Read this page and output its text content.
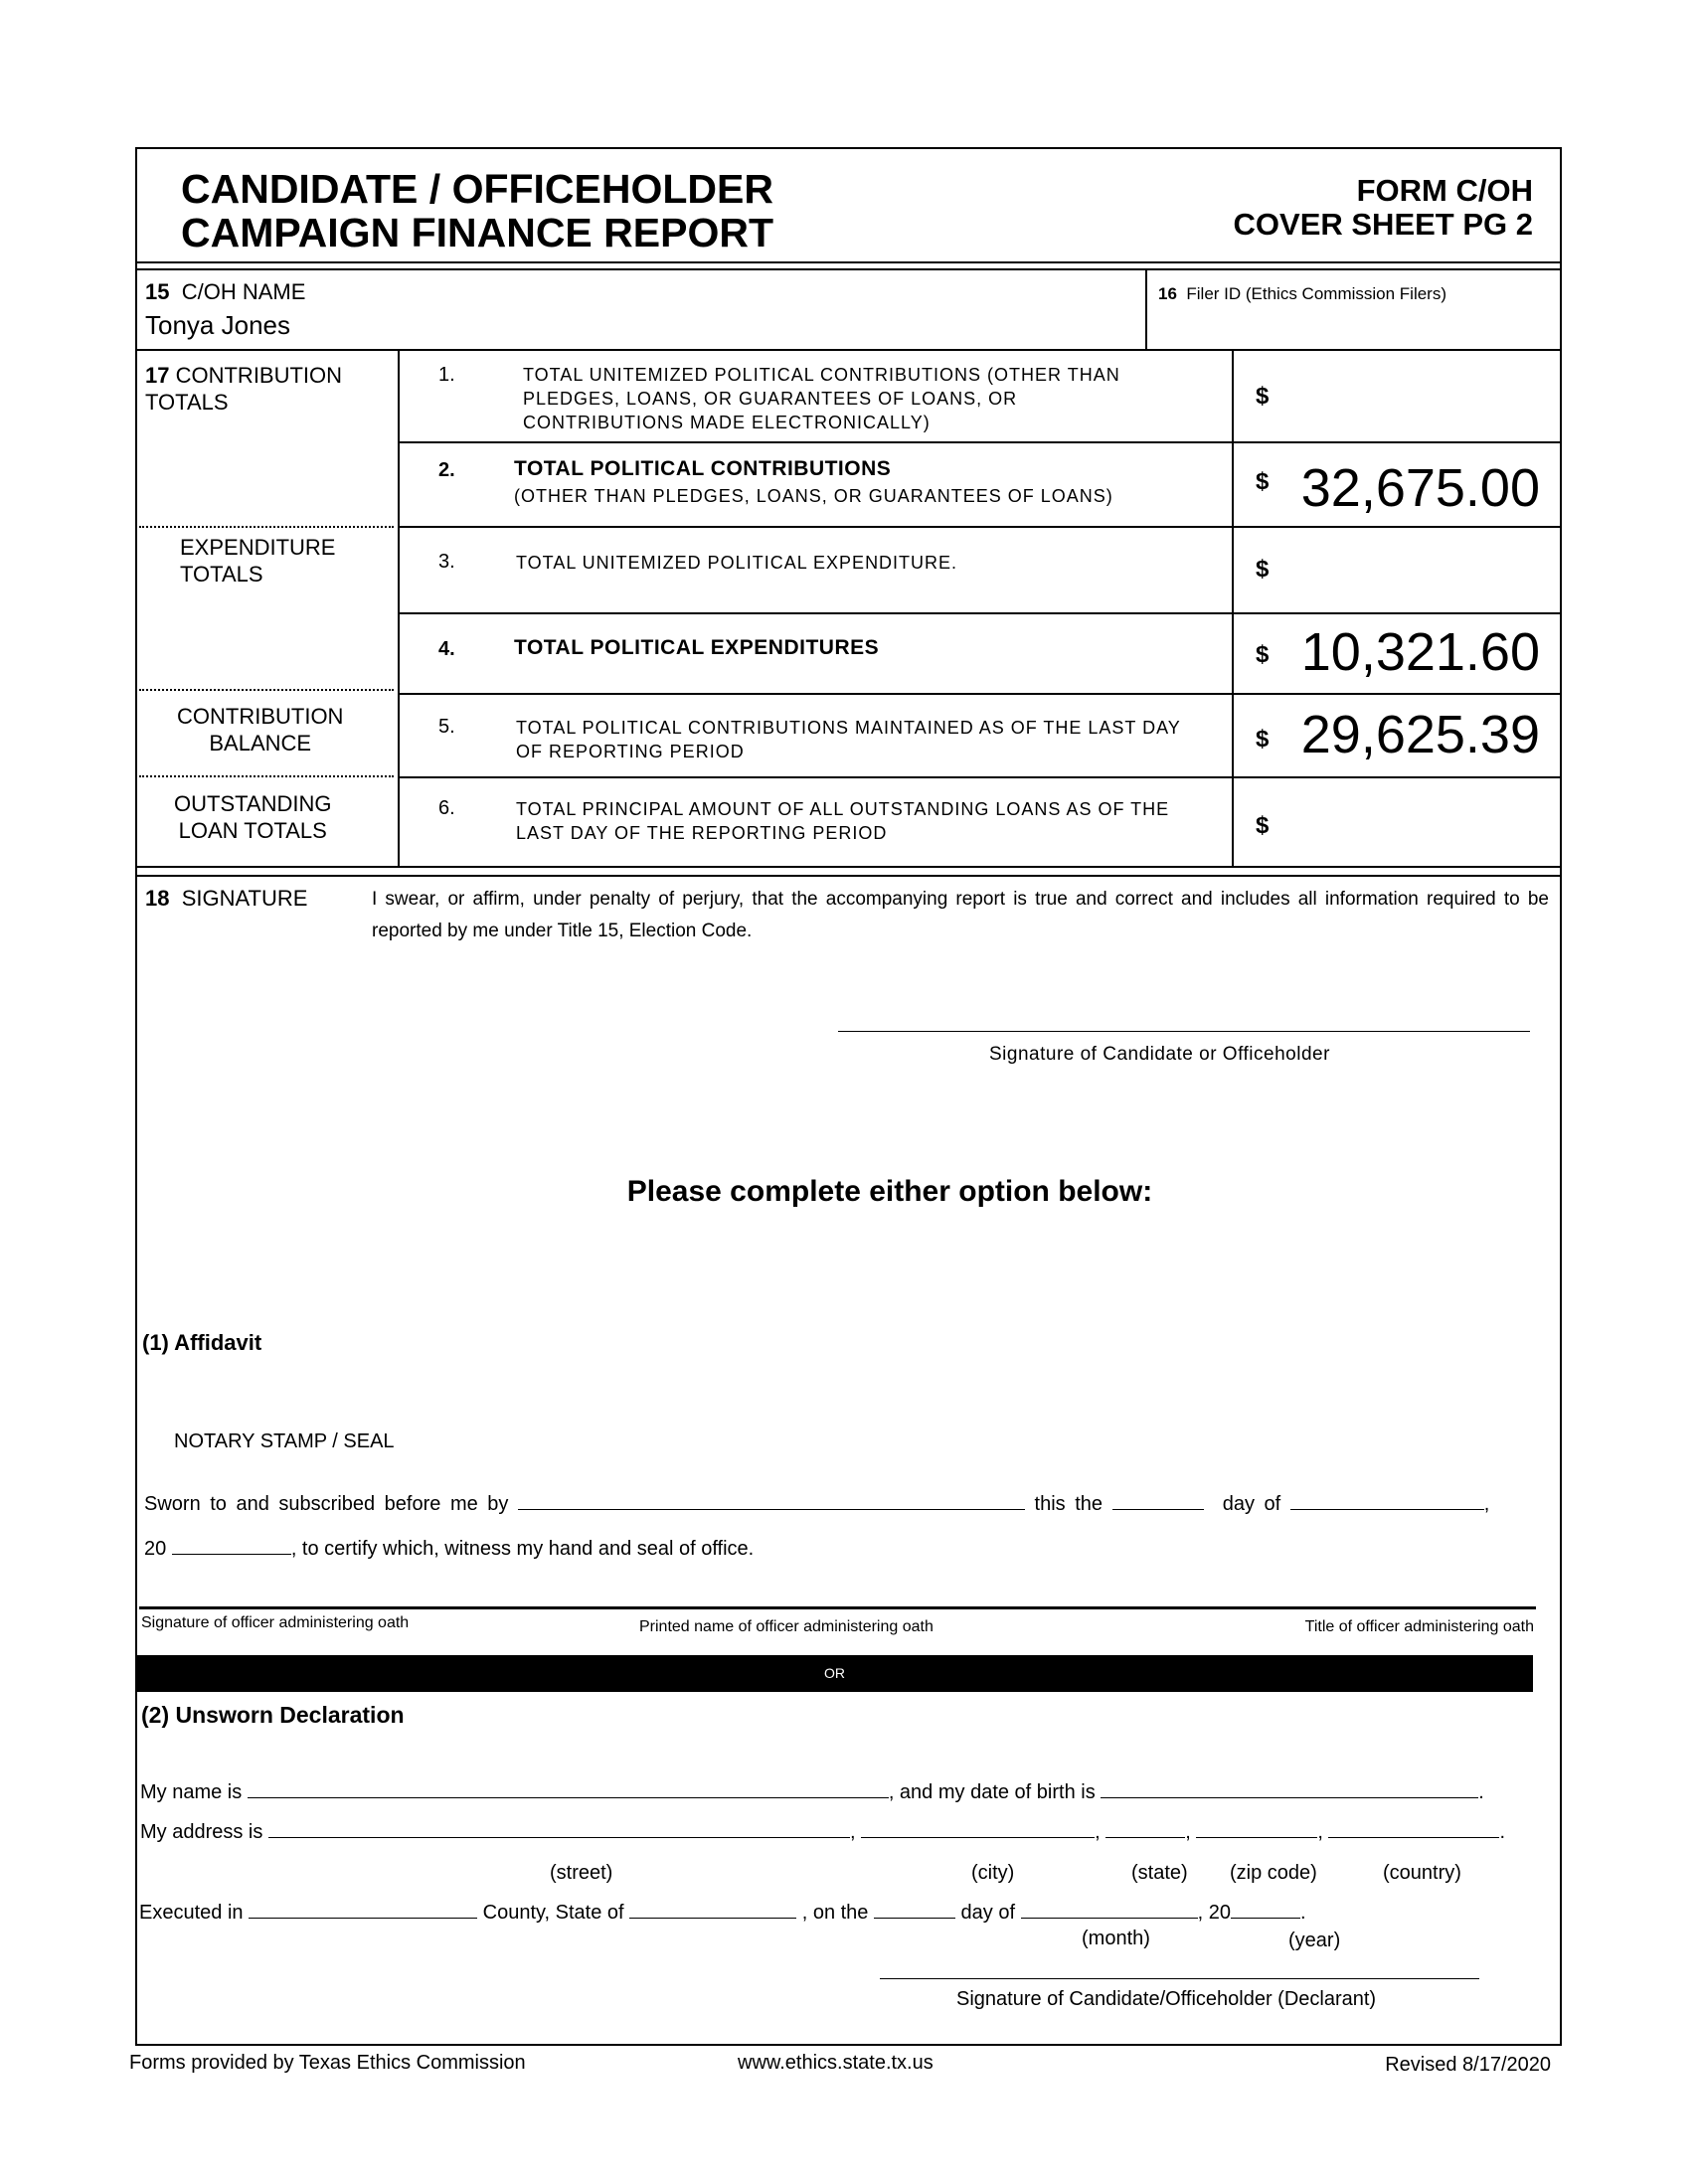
CANDIDATE / OFFICEHOLDER
CAMPAIGN FINANCE REPORT
FORM C/OH
COVER SHEET PG 2
15 C/OH NAME
Tonya Jones
16 Filer ID (Ethics Commission Filers)
17 CONTRIBUTION
TOTALS
EXPENDITURE
TOTALS
CONTRIBUTION
BALANCE
OUTSTANDING
LOAN TOTALS
1.	TOTAL UNITEMIZED POLITICAL CONTRIBUTIONS (OTHER THAN
PLEDGES, LOANS, OR GUARANTEES OF LOANS, OR
CONTRIBUTIONS MADE ELECTRONICALLY)
$
2.	TOTAL POLITICAL CONTRIBUTIONS
(OTHER THAN PLEDGES, LOANS, OR GUARANTEES OF LOANS)
$ 32,675.00
3.	TOTAL UNITEMIZED POLITICAL EXPENDITURE.	$
4.	TOTAL POLITICAL EXPENDITURES	$ 10,321.60
5.	TOTAL POLITICAL CONTRIBUTIONS MAINTAINED AS OF THE LAST DAY
OF REPORTING PERIOD	$ 29,625.39
6.	TOTAL PRINCIPAL AMOUNT OF ALL OUTSTANDING LOANS AS OF THE
LAST DAY OF THE REPORTING PERIOD	$
18 SIGNATURE	I swear, or affirm, under penalty of perjury, that the accompanying report is true and correct and includes all information required to be reported by me under Title 15, Election Code.
Signature of Candidate or Officeholder
Please complete either option below:
(1) Affidavit
NOTARY STAMP / SEAL
Sworn to and subscribed before me by	this the	day of	,
20	, to certify which, witness my hand and seal of office.
Signature of officer administering oath	Printed name of officer administering oath	Title of officer administering oath
OR
(2) Unsworn Declaration
My name is	, and my date of birth is	.
My address is	,	,	,	,	.
(street)	(city)	(state) (zip code)	(country)
Executed in	County, State of	, on the	day of	, 20	.
(month)	(year)
Signature of Candidate/Officeholder (Declarant)
Forms provided by Texas Ethics Commission	www.ethics.state.tx.us	Revised 8/17/2020
